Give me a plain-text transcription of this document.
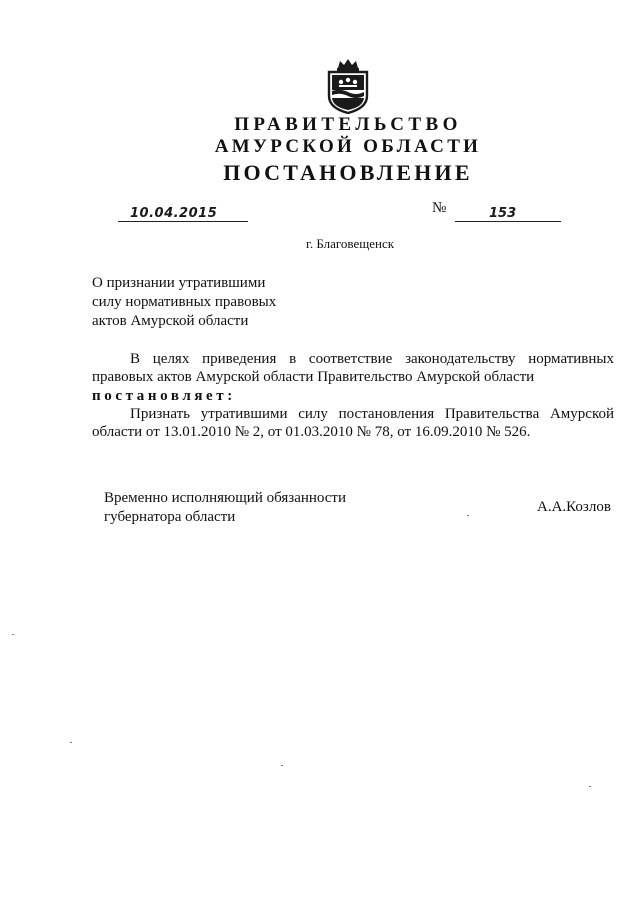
ПРАВИТЕЛЬСТВО
АМУРСКОЙ ОБЛАСТИ
ПОСТАНОВЛЕНИЕ
10.04.2015	№	153
г. Благовещенск
О признании утратившими
силу нормативных правовых
актов Амурской области
В целях приведения в соответствие законодательству нормативных правовых актов Амурской области Правительство Амурской области
постановляет:
Признать утратившими силу постановления Правительства Амурской области от 13.01.2010 № 2, от 01.03.2010 № 78, от 16.09.2010 № 526.
Временно исполняющий обязанности
губернатора области
А.А.Козлов
